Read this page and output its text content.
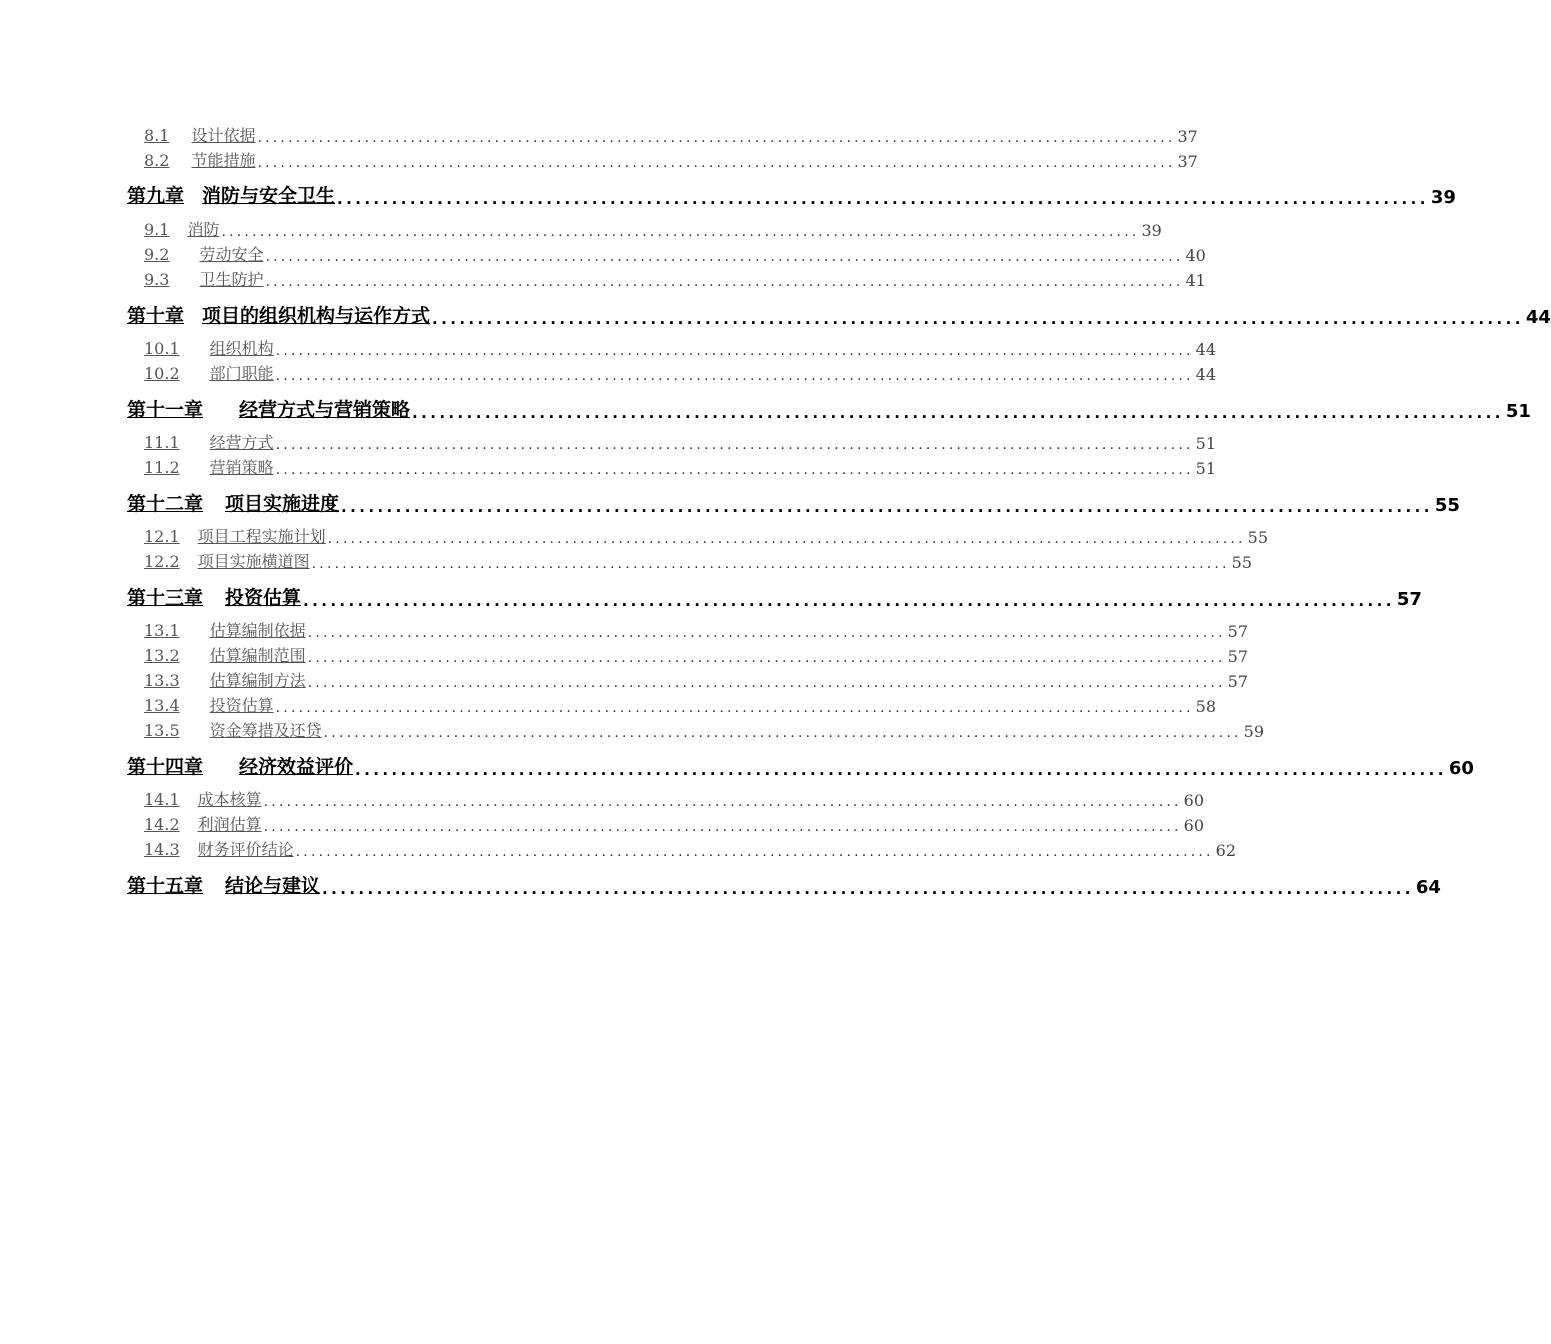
8.1 设计依据 ........................................................................................................................ 37
8.2 节能措施 ........................................................................................................................ 37
第九章 消防与安全卫生 ........................................................................................................................ 39
9.1 消防 ........................................................................................................................ 39
9.2 劳动安全 ........................................................................................................................ 40
9.3 卫生防护 ........................................................................................................................ 41
第十章 项目的组织机构与运作方式 ........................................................................................................................ 44
10.1 组织机构 ........................................................................................................................ 44
10.2 部门职能 ........................................................................................................................ 44
第十一章 经营方式与营销策略 ........................................................................................................................ 51
11.1 经营方式 ........................................................................................................................ 51
11.2 营销策略 ........................................................................................................................ 51
第十二章 项目实施进度 ........................................................................................................................ 55
12.1 项目工程实施计划 ........................................................................................................................ 55
12.2 项目实施横道图 ........................................................................................................................ 55
第十三章 投资估算 ........................................................................................................................ 57
13.1 估算编制依据 ........................................................................................................................ 57
13.2 估算编制范围 ........................................................................................................................ 57
13.3 估算编制方法 ........................................................................................................................ 57
13.4 投资估算 ........................................................................................................................ 58
13.5 资金筹措及还贷 ........................................................................................................................ 59
第十四章 经济效益评价 ........................................................................................................................ 60
14.1 成本核算 ........................................................................................................................ 60
14.2 利润估算 ........................................................................................................................ 60
14.3 财务评价结论 ........................................................................................................................ 62
第十五章 结论与建议 ........................................................................................................................ 64
